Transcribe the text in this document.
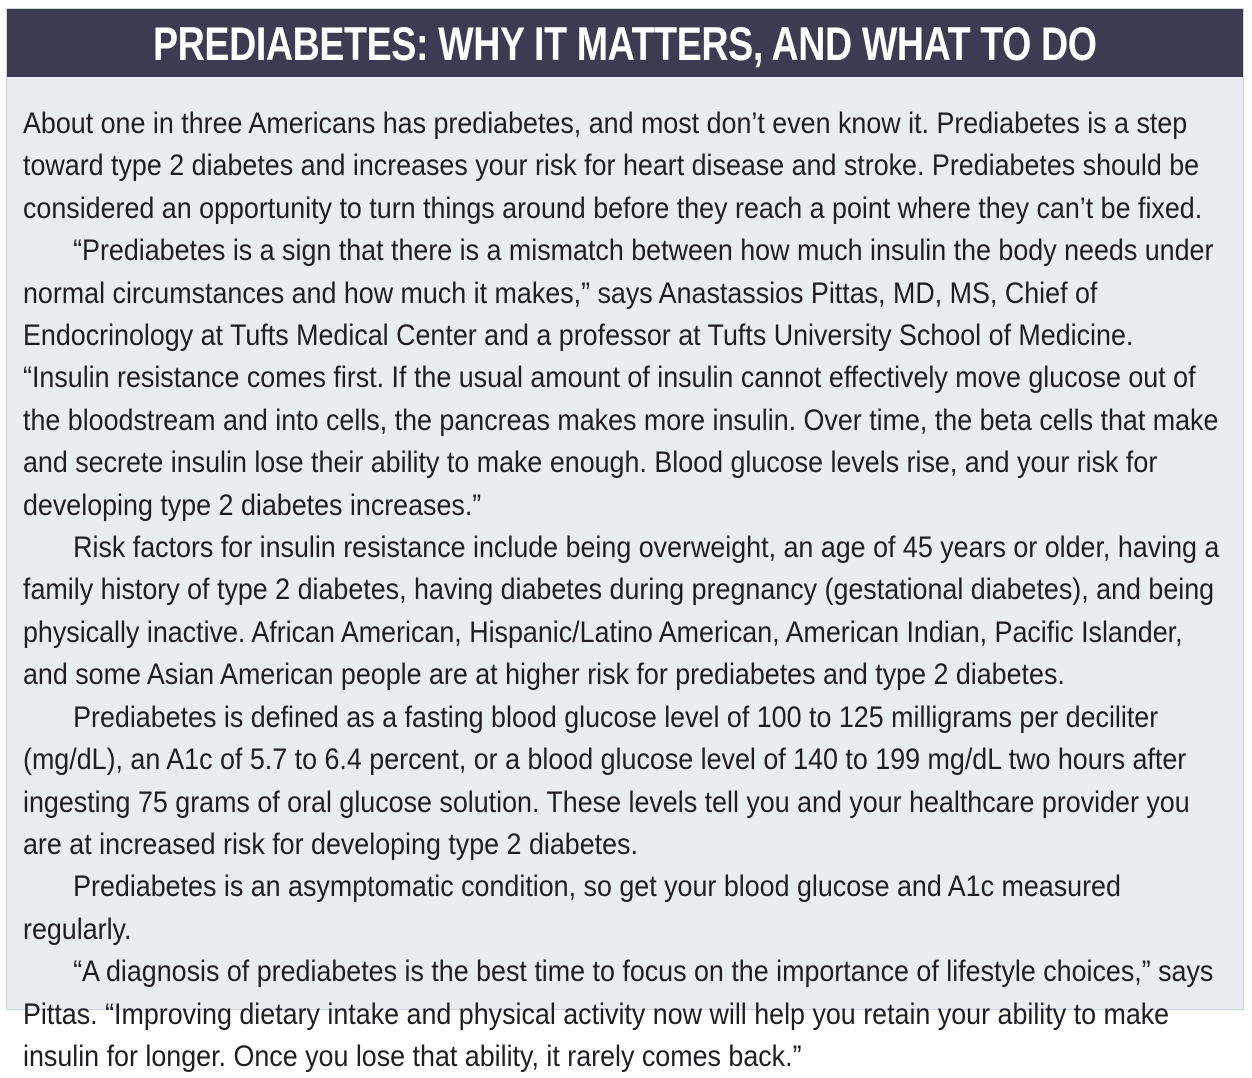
PREDIABETES: WHY IT MATTERS, AND WHAT TO DO

About one in three Americans has prediabetes, and most don’t even know it. Prediabetes is a step toward type 2 diabetes and increases your risk for heart disease and stroke. Prediabetes should be considered an opportunity to turn things around before they reach a point where they can’t be fixed.

“Prediabetes is a sign that there is a mismatch between how much insulin the body needs under normal circumstances and how much it makes,” says Anastassios Pittas, MD, MS, Chief of Endocrinology at Tufts Medical Center and a professor at Tufts University School of Medicine. “Insulin resistance comes first. If the usual amount of insulin cannot effectively move glucose out of the bloodstream and into cells, the pancreas makes more insulin. Over time, the beta cells that make and secrete insulin lose their ability to make enough. Blood glucose levels rise, and your risk for developing type 2 diabetes increases.”

Risk factors for insulin resistance include being overweight, an age of 45 years or older, having a family history of type 2 diabetes, having diabetes during pregnancy (gestational diabetes), and being physically inactive. African American, Hispanic/Latino American, American Indian, Pacific Islander, and some Asian American people are at higher risk for prediabetes and type 2 diabetes.

Prediabetes is defined as a fasting blood glucose level of 100 to 125 milligrams per deciliter (mg/dL), an A1c of 5.7 to 6.4 percent, or a blood glucose level of 140 to 199 mg/dL two hours after ingesting 75 grams of oral glucose solution. These levels tell you and your healthcare provider you are at increased risk for developing type 2 diabetes.

Prediabetes is an asymptomatic condition, so get your blood glucose and A1c measured regularly.

“A diagnosis of prediabetes is the best time to focus on the importance of lifestyle choices,” says Pittas. “Improving dietary intake and physical activity now will help you retain your ability to make insulin for longer. Once you lose that ability, it rarely comes back.”
